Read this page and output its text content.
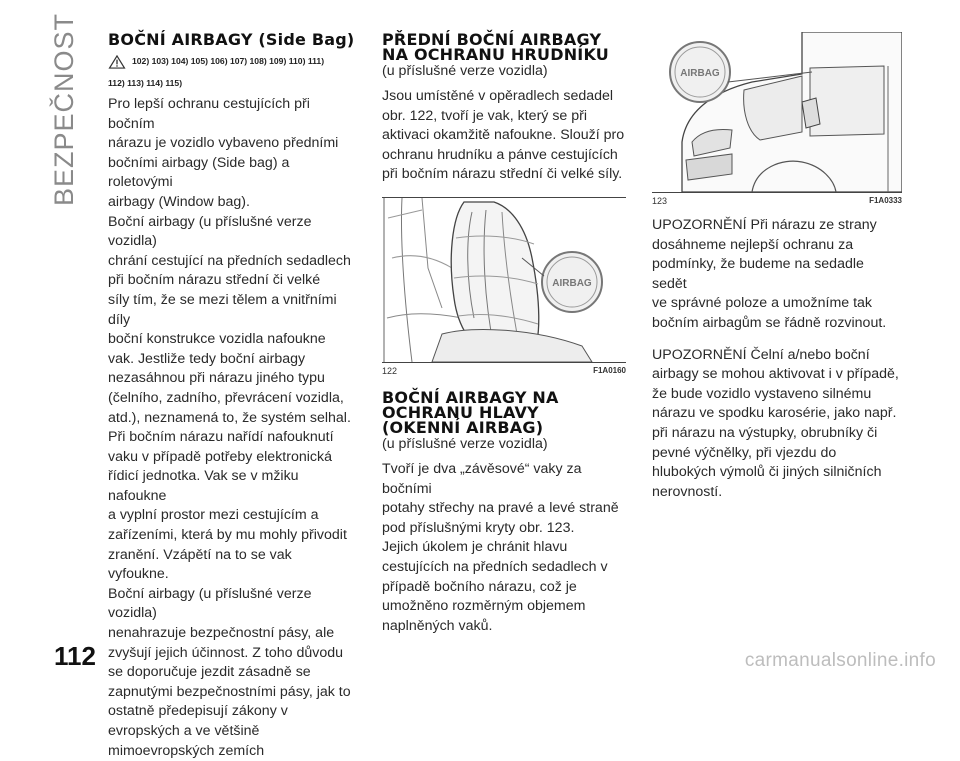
BEZPEČNOST
112
BOČNÍ AIRBAGY (Side Bag)
102) 103) 104) 105) 106) 107) 108) 109) 110) 111)
112) 113) 114) 115)

Pro lepší ochranu cestujících při bočním

nárazu je vozidlo vybaveno předními

bočními airbagy (Side bag) a roletovými

airbagy (Window bag).

Boční airbagy (u příslušné verze vozidla)

chrání cestující na předních sedadlech

při bočním nárazu střední či velké

síly tím, že se mezi tělem a vnitřními díly

boční konstrukce vozidla nafoukne

vak. Jestliže tedy boční airbagy

nezasáhnou při nárazu jiného typu

(čelního, zadního, převrácení vozidla,

atd.), neznamená to, že systém selhal.

Při bočním nárazu nařídí nafouknutí

vaku v případě potřeby elektronická

řídicí jednotka. Vak se v mžiku nafoukne

a vyplní prostor mezi cestujícím a

zařízeními, která by mu mohly přivodit

zranění. Vzápětí na to se vak vyfoukne.

Boční airbagy (u příslušné verze vozidla)

nenahrazuje bezpečnostní pásy, ale

zvyšují jejich účinnost. Z toho důvodu

se doporučuje jezdit zásadně se

zapnutými bezpečnostními pásy, jak to

ostatně předepisují zákony v

evropských a ve většině

mimoevropských zemích

PŘEDNÍ BOČNÍ AIRBAGY
NA OCHRANU HRUDNÍKU
(u příslušné verze vozidla)

Jsou umístěné v opěradlech sedadel

obr. 122, tvoří je vak, který se při

aktivaci okamžitě nafoukne. Slouží pro

ochranu hrudníku a pánve cestujících

při bočním nárazu střední či velké síly.

AIRBAG
122	F1A0160
BOČNÍ AIRBAGY NA
OCHRANU HLAVY
(OKENNÍ AIRBAG)
(u příslušné verze vozidla)

Tvoří je dva „závěsové“ vaky za bočními

potahy střechy na pravé a levé straně

pod příslušnými kryty obr. 123.

Jejich úkolem je chránit hlavu

cestujících na předních sedadlech v

případě bočního nárazu, což je

umožněno rozměrným objemem

naplněných vaků.

AIRBAG
123	F1A0333

UPOZORNĚNÍ Při nárazu ze strany

dosáhneme nejlepší ochranu za

podmínky, že budeme na sedadle sedět

ve správné poloze a umožníme tak

bočním airbagům se řádně rozvinout.

UPOZORNĚNÍ Čelní a/nebo boční

airbagy se mohou aktivovat i v případě,

že bude vozidlo vystaveno silnému

nárazu ve spodku karosérie, jako např.

při nárazu na výstupky, obrubníky či

pevné výčnělky, při vjezdu do

hlubokých výmolů či jiných silničních

nerovností.

carmanualsonline.info
